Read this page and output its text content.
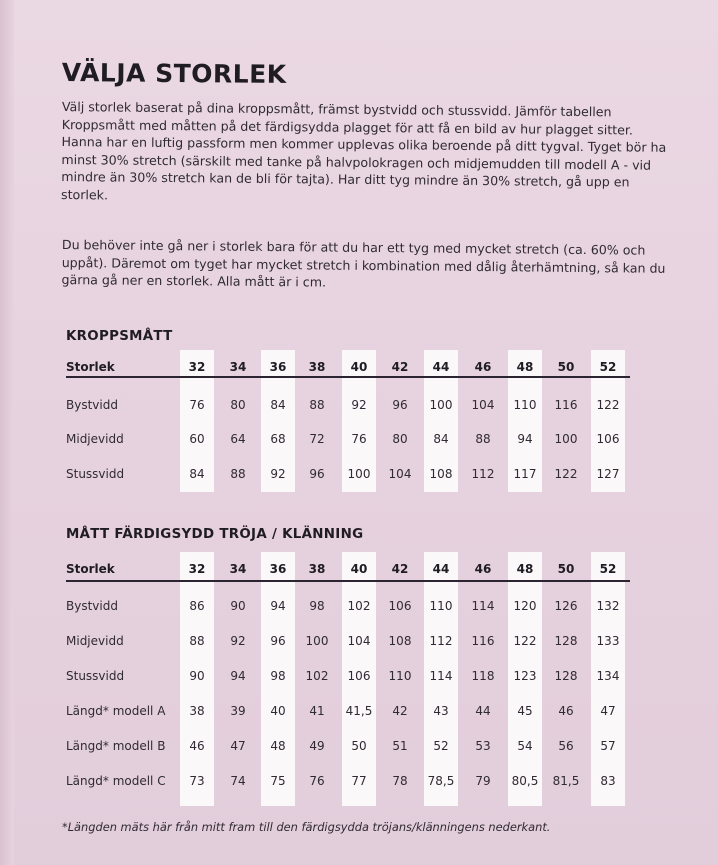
VÄLJA STORLEK

Välj storlek baserat på dina kroppsmått, främst bystvidd och stussvidd. Jämför tabellen Kroppsmått med måtten på det färdigsydda plagget för att få en bild av hur plagget sitter. Hanna har en luftig passform men kommer upplevas olika beroende på ditt tygval. Tyget bör ha minst 30% stretch (särskilt med tanke på halvpolokragen och midjemudden till modell A - vid mindre än 30% stretch kan de bli för tajta). Har ditt tyg mindre än 30% stretch, gå upp en storlek.

Du behöver inte gå ner i storlek bara för att du har ett tyg med mycket stretch (ca. 60% och uppåt). Däremot om tyget har mycket stretch i kombination med dålig återhämtning, så kan du gärna gå ner en storlek. Alla mått är i cm.

KROPPSMÅTT
Storlek	32	34	36	38	40	42	44	46	48	50	52
Bystvidd	76	80	84	88	92	96	100	104	110	116	122
Midjevidd	60	64	68	72	76	80	84	88	94	100	106
Stussvidd	84	88	92	96	100	104	108	112	117	122	127
MÅTT FÄRDIGSYDD TRÖJA / KLÄNNING
Storlek	32	34	36	38	40	42	44	46	48	50	52
Bystvidd	86	90	94	98	102	106	110	114	120	126	132
Midjevidd	88	92	96	100	104	108	112	116	122	128	133
Stussvidd	90	94	98	102	106	110	114	118	123	128	134
Längd* modell A	38	39	40	41	41,5	42	43	44	45	46	47
Längd* modell B	46	47	48	49	50	51	52	53	54	56	57
Längd* modell C	73	74	75	76	77	78	78,5	79	80,5	81,5	83

*Längden mäts här från mitt fram till den färdigsydda tröjans/klänningens nederkant.
